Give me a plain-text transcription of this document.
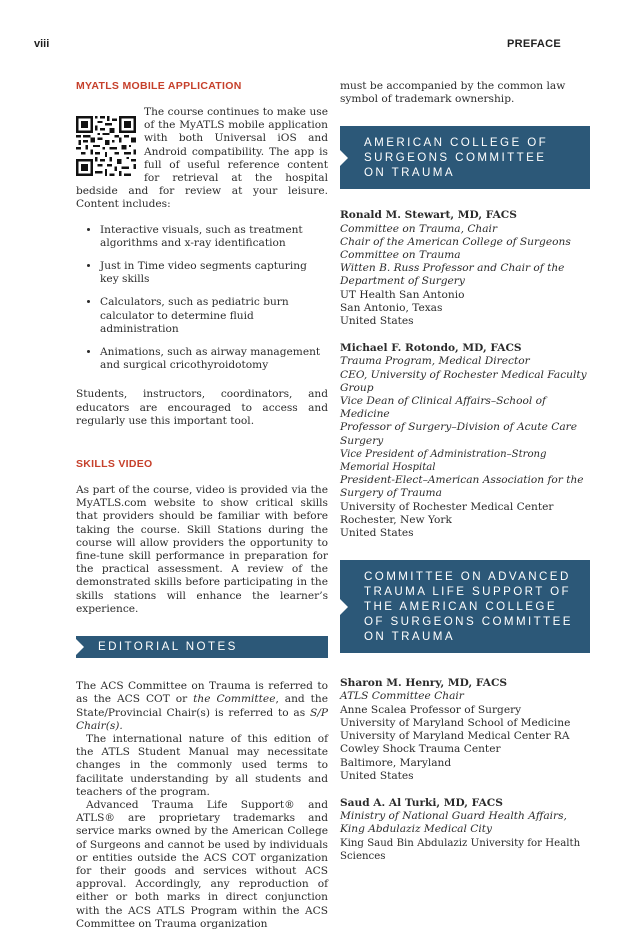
viii	PREFACE
MYATLS MOBILE APPLICATION

The course continues to make use of the MyATLS mobile application with both Universal iOS and Android compatibility. The app is full of useful reference content for retrieval at the hospital bedside and for review at your leisure. Content includes:

• Interactive visuals, such as treatment algorithms and x-ray identification
• Just in Time video segments capturing key skills
• Calculators, such as pediatric burn calculator to determine fluid administration
• Animations, such as airway management and surgical cricothyroidotomy

Students, instructors, coordinators, and educators are encouraged to access and regularly use this important tool.

SKILLS VIDEO

As part of the course, video is provided via the MyATLS.com website to show critical skills that providers should be familiar with before taking the course. Skill Stations during the course will allow providers the opportunity to fine-tune skill performance in preparation for the practical assessment. A review of the demonstrated skills before participating in the skills stations will enhance the learner’s experience.

EDITORIAL NOTES

The ACS Committee on Trauma is referred to as the ACS COT or the Committee, and the State/Provincial Chair(s) is referred to as S/P Chair(s).

The international nature of this edition of the ATLS Student Manual may necessitate changes in the commonly used terms to facilitate understanding by all students and teachers of the program.

Advanced Trauma Life Support® and ATLS® are proprietary trademarks and service marks owned by the American College of Surgeons and cannot be used by individuals or entities outside the ACS COT organization for their goods and services without ACS approval. Accordingly, any reproduction of either or both marks in direct conjunction with the ACS ATLS Program within the ACS Committee on Trauma organization

must be accompanied by the common law symbol of trademark ownership.

AMERICAN COLLEGE OF
SURGEONS COMMITTEE
ON TRAUMA
Ronald M. Stewart, MD, FACS
Committee on Trauma, Chair
Chair of the American College of Surgeons Committee on Trauma
Witten B. Russ Professor and Chair of the Department of Surgery
UT Health San Antonio
San Antonio, Texas
United States
Michael F. Rotondo, MD, FACS
Trauma Program, Medical Director
CEO, University of Rochester Medical Faculty Group
Vice Dean of Clinical Affairs–School of Medicine
Professor of Surgery–Division of Acute Care Surgery
Vice President of Administration–Strong Memorial Hospital
President-Elect–American Association for the Surgery of Trauma
University of Rochester Medical Center
Rochester, New York
United States
COMMITTEE ON ADVANCED
TRAUMA LIFE SUPPORT OF
THE AMERICAN COLLEGE
OF SURGEONS COMMITTEE
ON TRAUMA
Sharon M. Henry, MD, FACS
ATLS Committee Chair
Anne Scalea Professor of Surgery
University of Maryland School of Medicine
University of Maryland Medical Center RA
Cowley Shock Trauma Center
Baltimore, Maryland
United States
Saud A. Al Turki, MD, FACS
Ministry of National Guard Health Affairs, King Abdulaziz Medical City
King Saud Bin Abdulaziz University for Health Sciences
